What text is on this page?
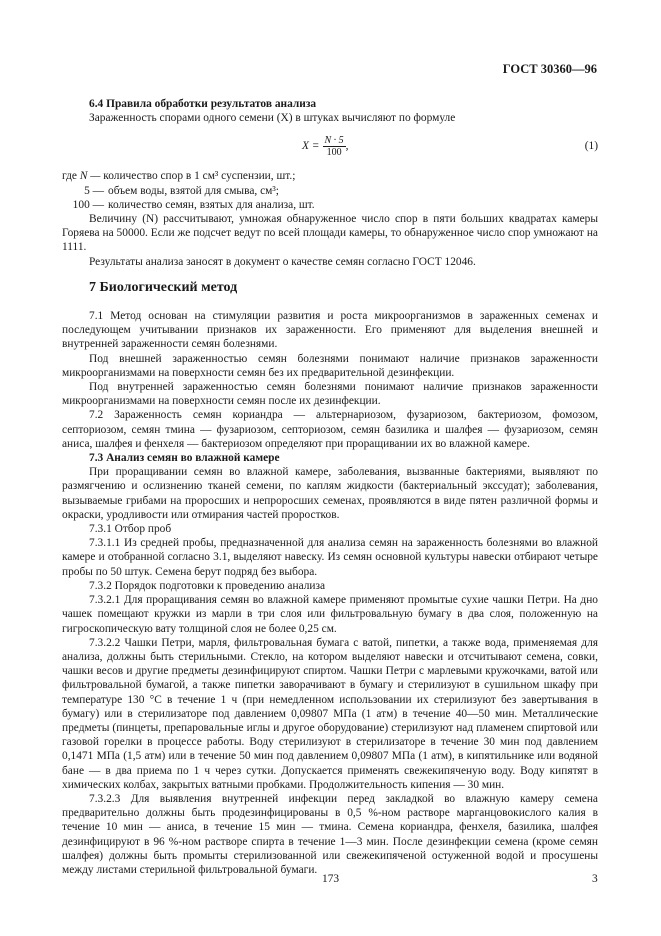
ГОСТ 30360—96

6.4 Правила обработки результатов анализа

Зараженность спорами одного семени (X) в штуках вычисляют по формуле

$X = \frac{N \cdot 5}{100}$ ,	(1)
где
N —
количество спор в 1 см³ суспензии, шт.;
5 — объем воды, взятой для смыва, см³;
100 — количество семян, взятых для анализа, шт.

Величину (N) рассчитывают, умножая обнаруженное число спор в пяти больших квадратах камеры Горяева на 50000. Если же подсчет ведут по всей площади камеры, то обнаруженное число спор умножают на 1111.

Результаты анализа заносят в документ о качестве семян согласно ГОСТ 12046.

7 Биологический метод

7.1 Метод основан на стимуляции развития и роста микроорганизмов в зараженных семенах и последующем учитывании признаков их зараженности. Его применяют для выделения внешней и внутренней зараженности семян болезнями.

Под внешней зараженностью семян болезнями понимают наличие признаков зараженности микроорганизмами на поверхности семян без их предварительной дезинфекции.

Под внутренней зараженностью семян болезнями понимают наличие признаков зараженности микроорганизмами на поверхности семян после их дезинфекции.

7.2 Зараженность семян кориандра — альтернариозом, фузариозом, бактериозом, фомозом, септориозом, семян тмина — фузариозом, септориозом, семян базилика и шалфея — фузариозом, семян аниса, шалфея и фенхеля — бактериозом определяют при проращивании их во влажной камере.

7.3 Анализ семян во влажной камере

При проращивании семян во влажной камере, заболевания, вызванные бактериями, выявляют по размягчению и ослизнению тканей семени, по каплям жидкости (бактериальный экссудат); заболевания, вызываемые грибами на проросших и непроросших семенах, проявляются в виде пятен различной формы и окраски, уродливости или отмирания частей проростков.

7.3.1 Отбор проб

7.3.1.1 Из средней пробы, предназначенной для анализа семян на зараженность болезнями во влажной камере и отобранной согласно 3.1, выделяют навеску. Из семян основной культуры навески отбирают четыре пробы по 50 штук. Семена берут подряд без выбора.

7.3.2 Порядок подготовки к проведению анализа

7.3.2.1 Для проращивания семян во влажной камере применяют промытые сухие чашки Петри. На дно чашек помещают кружки из марли в три слоя или фильтровальную бумагу в два слоя, положенную на гигроскопическую вату толщиной слоя не более 0,25 см.

7.3.2.2 Чашки Петри, марля, фильтровальная бумага с ватой, пипетки, а также вода, применяемая для анализа, должны быть стерильными. Стекло, на котором выделяют навески и отсчитывают семена, совки, чашки весов и другие предметы дезинфицируют спиртом. Чашки Петри с марлевыми кружочками, ватой или фильтровальной бумагой, а также пипетки заворачивают в бумагу и стерилизуют в сушильном шкафу при температуре 130 °С в течение 1 ч (при немедленном использовании их стерилизуют без завертывания в бумагу) или в стерилизаторе под давлением 0,09807 МПа (1 атм) в течение 40—50 мин. Металлические предметы (пинцеты, препаровальные иглы и другое оборудование) стерилизуют над пламенем спиртовой или газовой горелки в процессе работы. Воду стерилизуют в стерилизаторе в течение 30 мин под давлением 0,1471 МПа (1,5 атм) или в течение 50 мин под давлением 0,09807 МПа (1 атм), в кипятильнике или водяной бане — в два приема по 1 ч через сутки. Допускается применять свежекипяченую воду. Воду кипятят в химических колбах, закрытых ватными пробками. Продолжительность кипения — 30 мин.

7.3.2.3 Для выявления внутренней инфекции перед закладкой во влажную камеру семена предварительно должны быть продезинфицированы в 0,5 %-ном растворе марганцовокислого калия в течение 10 мин — аниса, в течение 15 мин — тмина. Семена кориандра, фенхеля, базилика, шалфея дезинфицируют в 96 %-ном растворе спирта в течение 1—3 мин. После дезинфекции семена (кроме семян шалфея) должны быть промыты стерилизованной или свежекипяченой остуженной водой и просушены между листами стерильной фильтровальной бумаги.

173	3
